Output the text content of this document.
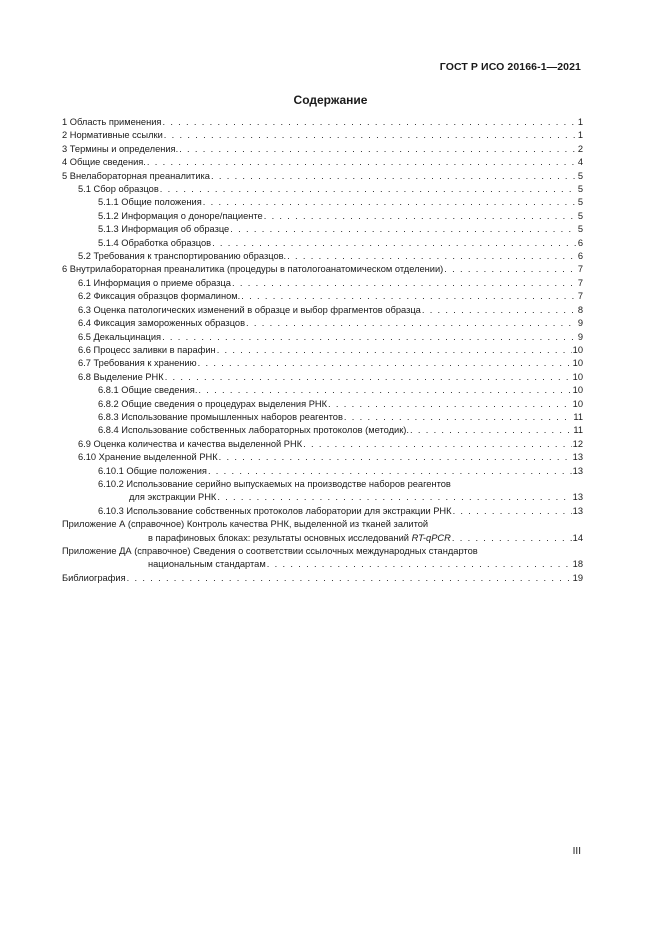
ГОСТ Р ИСО 20166-1—2021
Содержание
1 Область применения . . .	1
2 Нормативные ссылки . . .	1
3 Термины и определения. . . .	2
4 Общие сведения. . . .	4
5 Внелабораторная преаналитика . . .	5
5.1 Сбор образцов . . .	5
5.1.1 Общие положения . . .	5
5.1.2 Информация о доноре/пациенте . . .	5
5.1.3 Информация об образце . . .	5
5.1.4 Обработка образцов . . .	6
5.2 Требования к транспортированию образцов. . . .	6
6 Внутрилабораторная преаналитика (процедуры в патологоанатомическом отделении) . . .	7
6.1 Информация о приеме образца . . .	7
6.2 Фиксация образцов формалином. . . .	7
6.3 Оценка патологических изменений в образце и выбор фрагментов образца . . .	8
6.4 Фиксация замороженных образцов . . .	9
6.5 Декальцинация . . .	9
6.6 Процесс заливки в парафин . . .	10
6.7 Требования к хранению . . .	10
6.8 Выделение РНК . . .	10
6.8.1 Общие сведения. . . .	10
6.8.2 Общие сведения о процедурах выделения РНК . . .	10
6.8.3 Использование промышленных наборов реагентов . . .	11
6.8.4 Использование собственных лабораторных протоколов (методик). . . .	11
6.9 Оценка количества и качества выделенной РНК . . .	12
6.10 Хранение выделенной РНК . . .	13
6.10.1 Общие положения . . .	13
6.10.2 Использование серийно выпускаемых на производстве наборов реагентов
для экстракции РНК . . .	13
6.10.3 Использование собственных протоколов лаборатории для экстракции РНК . . .	13
Приложение А (справочное) Контроль качества РНК, выделенной из тканей залитой
в парафиновых блоках: результаты основных исследований RT-qPCR . . .	14
Приложение ДА (справочное) Сведения о соответствии ссылочных международных стандартов
национальным стандартам . . .	18
Библиография . . .	19
III
